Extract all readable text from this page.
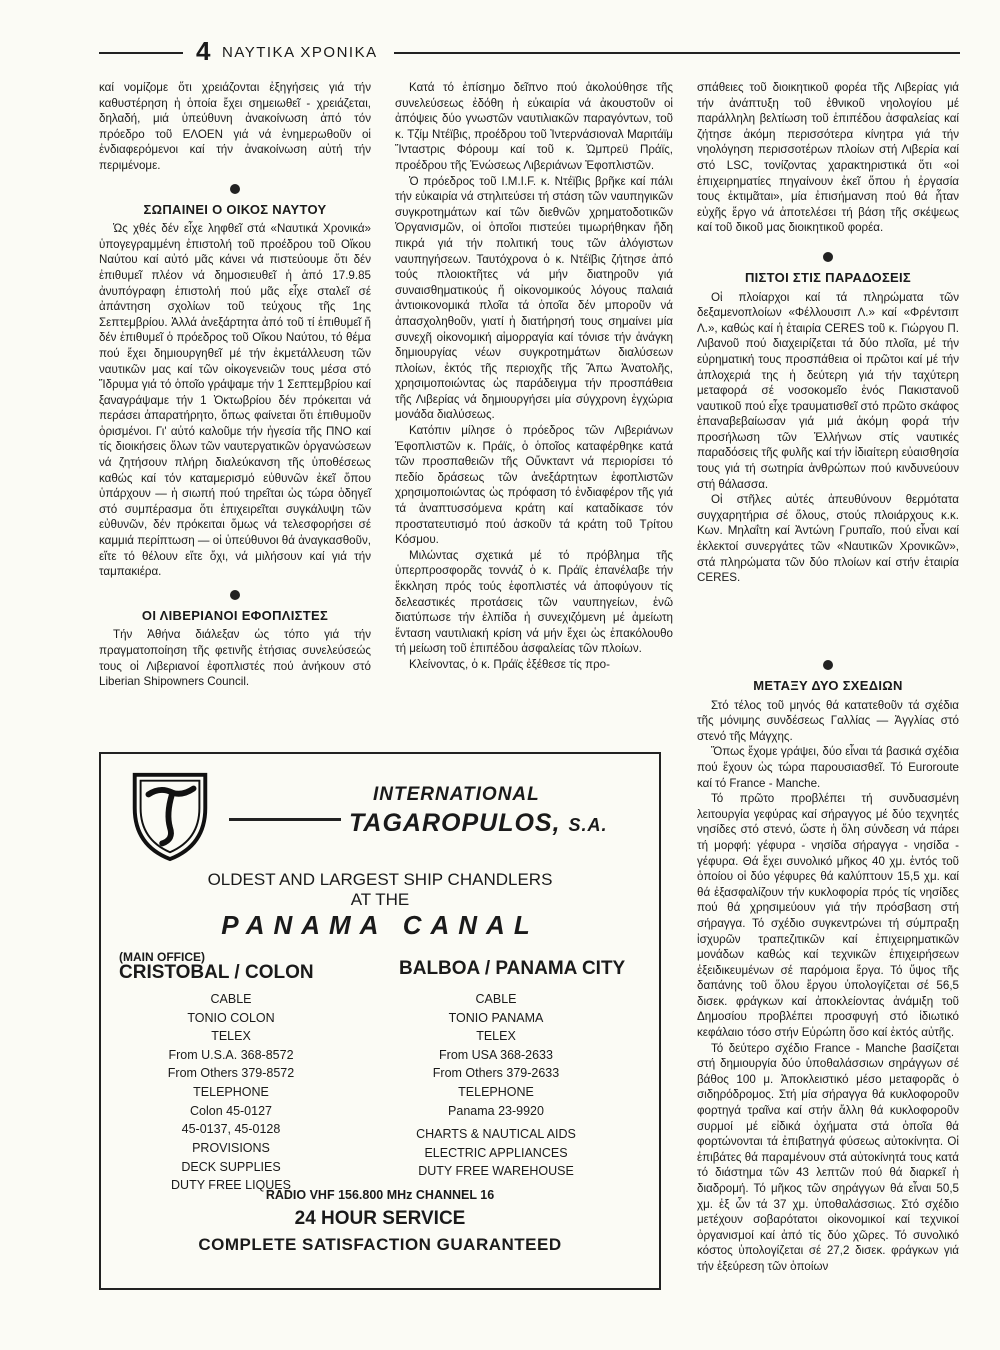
4 ΝΑΥΤΙΚΑ ΧΡΟΝΙΚΑ

καί νομίζομε ὅτι χρειάζονται ἐξηγήσεις γιά τήν καθυστέρηση ἡ ὁποία ἔχει σημειωθεῖ - χρειάζεται, δηλαδή, μιά ὑπεύθυνη ἀνακοίνωση ἀπό τόν πρόεδρο τοῦ ΕΛΟΕΝ γιά νά ἐνημερωθοῦν οἱ ἐνδιαφερόμενοι καί τήν ἀνακοίνωση αὐτή τήν περιμένομε.

ΣΩΠΑΙΝΕΙ Ο ΟΙΚΟΣ ΝΑΥΤΟΥ

Ὡς χθές δέν εἶχε ληφθεῖ στά «Ναυτικά Χρονικά» ὑπογεγραμμένη ἐπιστολή τοῦ προέδρου τοῦ Οἴκου Ναύτου καί αὐτό μᾶς κάνει νά πιστεύουμε ὅτι δέν ἐπιθυμεῖ πλέον νά δημοσιευθεῖ ἡ ἀπό 17.9.85 ἀνυπόγραφη ἐπιστολή πού μᾶς εἶχε σταλεῖ σέ ἀπάντηση σχολίων τοῦ τεύχους τῆς 1ης Σεπτεμβρίου. Ἀλλά ἀνεξάρτητα ἀπό τοῦ τί ἐπιθυμεῖ ἤ δέν ἐπιθυμεῖ ὁ πρόεδρος τοῦ Οἴκου Ναύτου, τό θέμα πού ἔχει δημιουργηθεῖ μέ τήν ἐκμετάλλευση τῶν ναυτικῶν μας καί τῶν οἰκογενειῶν τους μέσα στό Ἵδρυμα γιά τό ὁποῖο γράψαμε τήν 1 Σεπτεμβρίου καί ξαναγράψαμε τήν 1 Ὀκτωβρίου δέν πρόκειται νά περάσει ἀπαρατήρητο, ὅπως φαίνεται ὅτι ἐπιθυμοῦν ὁρισμένοι. Γι' αὐτό καλοῦμε τήν ἡγεσία τῆς ΠΝΟ καί τίς διοικήσεις ὅλων τῶν ναυτεργατικῶν ὀργανώσεων νά ζητήσουν πλήρη διαλεύκανση τῆς ὑποθέσεως καθώς καί τόν καταμερισμό εὐθυνῶν ἐκεῖ ὅπου ὑπάρχουν — ἡ σιωπή πού τηρεῖται ὡς τώρα ὁδηγεῖ στό συμπέρασμα ὅτι ἐπιχειρεῖται συγκάλυψη τῶν εὐθυνῶν, δέν πρόκειται ὅμως νά τελεσφορήσει σέ καμμιά περίπτωση — οἱ ὑπεύθυνοι θά ἀναγκασθοῦν, εἴτε τό θέλουν εἴτε ὄχι, νά μιλήσουν καί γιά τήν ταμπακιέρα.

ΟΙ ΛΙΒΕΡΙΑΝΟΙ ΕΦΟΠΛΙΣΤΕΣ

Τήν Ἀθήνα διάλεξαν ὡς τόπο γιά τήν πραγματοποίηση τῆς φετινῆς ἐτήσιας συνελεύσεώς τους οἱ Λιβεριανοί ἐφοπλιστές πού ἀνήκουν στό Liberian Shipowners Council.

Κατά τό ἐπίσημο δεῖπνο πού ἀκολούθησε τῆς συνελεύσεως ἐδόθη ἡ εὐκαιρία νά ἀκουστοῦν οἱ ἀπόψεις δύο γνωστῶν ναυτιλιακῶν παραγόντων, τοῦ κ. Τζίμ Ντέϊβις, προέδρου τοῦ Ἰντερνάσιοναλ Μαριτάϊμ Ἴνταστρις Φόρουμ καί τοῦ κ. Ὠμπρεϋ Πράϊς, προέδρου τῆς Ἑνώσεως Λιβεριάνων Ἐφοπλιστῶν.

Ὁ πρόεδρος τοῦ I.M.I.F. κ. Ντέϊβις βρῆκε καί πάλι τήν εὐκαιρία νά στηλιτεύσει τή στάση τῶν ναυπηγικῶν συγκροτημάτων καί τῶν διεθνῶν χρηματοδοτικῶν Ὀργανισμῶν, οἱ ὁποῖοι πιστεύει τιμωρήθηκαν ἤδη πικρά γιά τήν πολιτική τους τῶν ἀλόγιστων ναυπηγήσεων. Ταυτόχρονα ὁ κ. Ντέϊβις ζήτησε ἀπό τούς πλοιοκτῆτες νά μήν διατηροῦν γιά συναισθηματικούς ἤ οἰκονομικούς λόγους παλαιά ἀντιοικονομικά πλοῖα τά ὁποῖα δέν μποροῦν νά ἀπασχοληθοῦν, γιατί ἡ διατήρησή τους σημαίνει μία συνεχῆ οἰκονομική αἱμορραγία καί τόνισε τήν ἀνάγκη δημιουργίας νέων συγκροτημάτων διαλύσεων πλοίων, ἐκτός τῆς περιοχῆς τῆς Ἄπω Ἀνατολῆς, χρησιμοποιώντας ὡς παράδειγμα τήν προσπάθεια τῆς Λιβερίας νά δημιουργήσει μία σύγχρονη ἐγχώρια μονάδα διαλύσεως.

Κατόπιν μίλησε ὁ πρόεδρος τῶν Λιβεριάνων Ἐφοπλιστῶν κ. Πράϊς, ὁ ὁποῖος καταφέρθηκε κατά τῶν προσπαθειῶν τῆς Οὔνκταντ νά περιορίσει τό πεδίο δράσεως τῶν ἀνεξάρτητων ἐφοπλιστῶν χρησιμοποιώντας ὡς πρόφαση τό ἐνδιαφέρον τῆς γιά τά ἀναπτυσσόμενα κράτη καί καταδίκασε τόν προστατευτισμό πού ἀσκοῦν τά κράτη τοῦ Τρίτου Κόσμου.

Μιλώντας σχετικά μέ τό πρόβλημα τῆς ὑπερπροσφορᾶς τοννάζ ὁ κ. Πράϊς ἐπανέλαβε τήν ἔκκληση πρός τούς ἐφοπλιστές νά ἀποφύγουν τίς δελεαστικές προτάσεις τῶν ναυπηγείων, ἐνῶ διατύπωσε τήν ἐλπίδα ἡ συνεχιζόμενη μέ ἀμείωτη ἔνταση ναυτιλιακή κρίση νά μήν ἔχει ὡς ἐπακόλουθο τή μείωση τοῦ ἐπιπέδου ἀσφαλείας τῶν πλοίων.

Κλείνοντας, ὁ κ. Πράϊς ἐξέθεσε τίς προ-

σπάθειες τοῦ διοικητικοῦ φορέα τῆς Λιβερίας γιά τήν ἀνάπτυξη τοῦ ἐθνικοῦ νηολογίου μέ παράλληλη βελτίωση τοῦ ἐπιπέδου ἀσφαλείας καί ζήτησε ἀκόμη περισσότερα κίνητρα γιά τήν νηολόγηση περισσοτέρων πλοίων στή Λιβερία καί στό LSC, τονίζοντας χαρακτηριστικά ὅτι «οἱ ἐπιχειρηματίες πηγαίνουν ἐκεῖ ὅπου ἡ ἐργασία τους ἐκτιμᾶται», μία ἐπισήμανση πού θά ἦταν εὐχῆς ἔργο νά ἀποτελέσει τή βάση τῆς σκέψεως καί τοῦ δικοῦ μας διοικητικοῦ φορέα.

ΠΙΣΤΟΙ ΣΤΙΣ ΠΑΡΑΔΟΣΕΙΣ

Οἱ πλοίαρχοι καί τά πληρώματα τῶν δεξαμενοπλοίων «Φέλλουσιπ Λ.» καί «Φρέντσιπ Λ.», καθώς καί ἡ ἑταιρία CERES τοῦ κ. Γιώργου Π. Λιβανοῦ πού διαχειρίζεται τά δύο πλοῖα, μέ τήν εὐρηματική τους προσπάθεια οἱ πρῶτοι καί μέ τήν ἀπλοχεριά της ἡ δεύτερη γιά τήν ταχύτερη μεταφορά σέ νοσοκομεῖο ἑνός Πακιστανοῦ ναυτικοῦ πού εἶχε τραυματισθεῖ στό πρῶτο σκάφος ἐπαναβεβαίωσαν γιά μιά ἀκόμη φορά τήν προσήλωση τῶν Ἑλλήνων στίς ναυτικές παραδόσεις τῆς φυλῆς καί τήν ἰδιαίτερη εὐαισθησία τους γιά τή σωτηρία ἀνθρώπων πού κινδυνεύουν στή θάλασσα.

Οἱ στῆλες αὐτές ἀπευθύνουν θερμότατα συγχαρητήρια σέ ὅλους, στούς πλοιάρχους κ.κ. Κων. Μηλαΐτη καί Ἀντώνη Γρυπαῖο, πού εἶναι καί ἐκλεκτοί συνεργάτες τῶν «Ναυτικῶν Χρονικῶν», στά πληρώματα τῶν δύο πλοίων καί στήν ἑταιρία CERES.

ΜΕΤΑΞΥ ΔΥΟ ΣΧΕΔΙΩΝ

Στό τέλος τοῦ μηνός θά κατατεθοῦν τά σχέδια τῆς μόνιμης συνδέσεως Γαλλίας — Ἀγγλίας στό στενό τῆς Μάγχης.

Ὅπως ἔχομε γράψει, δύο εἶναι τά βασικά σχέδια πού ἔχουν ὡς τώρα παρουσιασθεῖ. Τό Euroroute καί τό France - Manche.

Τό πρῶτο προβλέπει τή συνδυασμένη λειτουργία γεφύρας καί σήραγγος μέ δύο τεχνητές νησίδες στό στενό, ὥστε ἡ ὅλη σύνδεση νά πάρει τή μορφή: γέφυρα - νησίδα σήραγγα - νησίδα - γέφυρα. Θά ἔχει συνολικό μῆκος 40 χμ. ἐντός τοῦ ὁποίου οἱ δύο γέφυρες θά καλύπτουν 15,5 χμ. καί θά ἐξασφαλίζουν τήν κυκλοφορία πρός τίς νησίδες πού θά χρησιμεύουν γιά τήν πρόσβαση στή σήραγγα. Τό σχέδιο συγκεντρώνει τή σύμπραξη ἰσχυρῶν τραπεζιτικῶν καί ἐπιχειρηματικῶν μονάδων καθώς καί τεχνικῶν ἐπιχειρήσεων ἐξειδικευμένων σέ παρόμοια ἔργα. Τό ὕψος τῆς δαπάνης τοῦ ὅλου ἔργου ὑπολογίζεται σέ 56,5 δισεκ. φράγκων καί ἀποκλείοντας ἀνάμιξη τοῦ Δημοσίου προβλέπει προσφυγή στό ἰδιωτικό κεφάλαιο τόσο στήν Εὐρώπη ὅσο καί ἐκτός αὐτῆς.

Τό δεύτερο σχέδιο France - Manche βασίζεται στή δημιουργία δύο ὑποθαλάσσιων σηράγγων σέ βάθος 100 μ. Ἀποκλειστικό μέσο μεταφορᾶς ὁ σιδηρόδρομος. Στή μία σήραγγα θά κυκλοφοροῦν φορτηγά τραῖνα καί στήν ἄλλη θά κυκλοφοροῦν συρμοί μέ εἰδικά ὀχήματα στά ὁποῖα θά φορτώνονται τά ἐπιβατηγά φύσεως αὐτοκίνητα. Οἱ ἐπιβάτες θά παραμένουν στά αὐτοκίνητά τους κατά τό διάστημα τῶν 43 λεπτῶν πού θά διαρκεῖ ἡ διαδρομή. Τό μῆκος τῶν σηράγγων θά εἶναι 50,5 χμ. ἐξ ὧν τά 37 χμ. ὑποθαλάσσιως. Στό σχέδιο μετέχουν σοβαρότατοι οἰκονομικοί καί τεχνικοί ὀργανισμοί καί ἀπό τίς δύο χῶρες. Τό συνολικό κόστος ὑπολογίζεται σέ 27,2 δισεκ. φράγκων γιά τήν ἐξεύρεση τῶν ὁποίων

INTERNATIONAL
TAGAROPULOS, S.A.
OLDEST AND LARGEST SHIP CHANDLERS
AT THE
PANAMA CANAL
(MAIN OFFICE)
CRISTOBAL / COLON	BALBOA / PANAMA CITY
CABLE
TONIO COLON
TELEX
From U.S.A. 368-8572
From Others 379-8572
TELEPHONE
Colon 45-0127
45-0137, 45-0128
CABLE
TONIO PANAMA
TELEX
From USA 368-2633
From Others 379-2633
TELEPHONE
Panama 23-9920
PROVISIONS
DECK SUPPLIES
DUTY FREE LIQUES
CHARTS & NAUTICAL AIDS
ELECTRIC APPLIANCES
DUTY FREE WAREHOUSE
RADIO VHF 156.800 MHz CHANNEL 16
24 HOUR SERVICE
COMPLETE SATISFACTION GUARANTEED
